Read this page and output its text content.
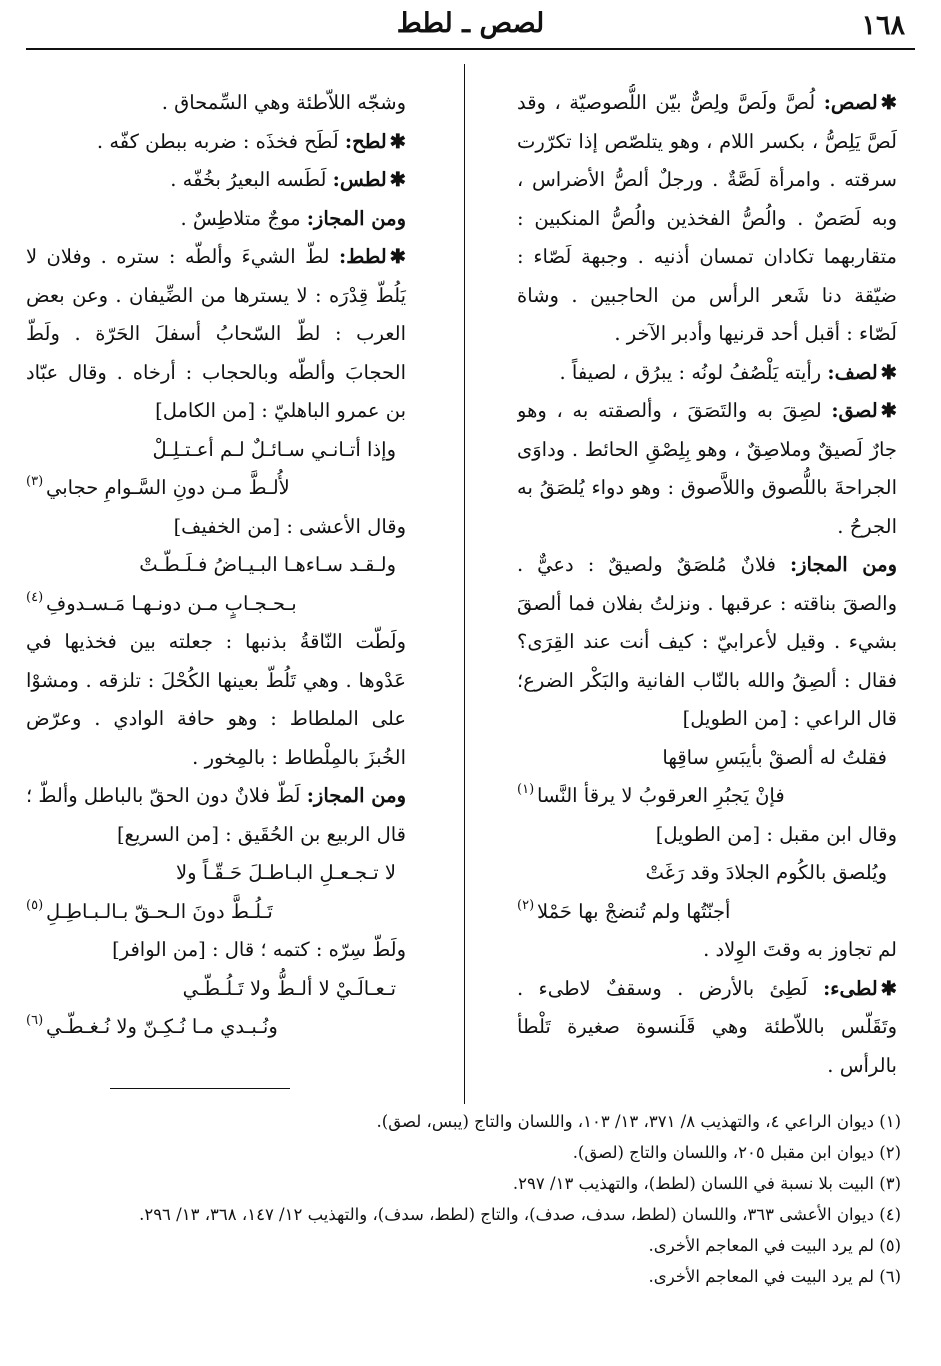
١٦٨
لصص ـ لطط

✱لصص: لُصَّ ولَصَّ ولِصٌّ بيّن اللُّصوصيّة ، وقد لَصَّ يَلِصُّ ، بكسر اللام ، وهو يتلصّص إذا تكرّرت سرقته . وامرأة لَصَّةٌ . ورجلٌ ألصُّ الأضراس ، وبه لَصَصٌ . والُصُّ الفخذين والُصُّ المنكبين : متقاربهما تكادان تمسان أذنيه . وجبهة لَصّاء : ضيّقة دنا شَعر الرأس من الحاجبين . وشاة لَصّاء : أقبل أحد قرنيها وأدبر الآخر .

✱لصف: رأيته يَلْصُفُ لونُه : يبرُق ، لصيفاً .

✱لصق: لصِقَ به والتَصَقَ ، وألصقته به ، وهو جارٌ لَصيقٌ وملاصِقٌ ، وهو بِلِصْقِ الحائط . وداوَى الجراحةَ باللُّصوق واللاَّصوق : وهو دواء يُلصَقُ به الجرحُ .

ومن المجاز: فلانٌ مُلصَقٌ ولصيقٌ : دعيٌّ . والصقَ بناقته : عرقبها . ونزلتُ بفلان فما ألصقَ بشيء . وقيل لأعرابيّ : كيف أنت عند القِرَى؟ فقال : ألصِقُ والله بالنّاب الفانية والبَكْر الضرع؛ قال الراعي : [من الطويل]

فقلتُ له ألصقْ بأيبَسِ ساقِها
فإنْ يَجبُرِ العرقوبُ لا يرقأ النَّسا
(١)

وقال ابن مقبل : [من الطويل]

ويُلصق بالكُوم الجلادَ وقد رَغَتْ
أجنّتُها ولم تُنضجْ بها حَمْلا
(٢)

لم تجاوز به وقتَ الوِلاد .

✱لطىء: لَطِئ بالأرض . وسقفٌ لاطىء . وتَقَلّس باللاّطئة وهي قَلَنسوة صغيرة تَلْطأ بالرأس .

وشجّه اللاّطئة وهي السِّمحاق .

✱لطح: لَطَح فخذَه : ضربه ببطن كفّه .

✱لطس: لَطَسه البعيرُ بخُفّه .

ومن المجاز: موجٌ متلاطِسٌ .

✱لطط: لطّ الشيءَ وألطّه : ستره . وفلان لا يَلُطّ قِدْرَه : لا يسترها من الضِّيفان . وعن بعض العرب : لطّ السّحابُ أسفلَ الحَرّة . ولَطّ الحجابَ وألطّه وبالحجاب : أرخاه . وقال عبّاد بن عمرو الباهليّ : [من الكامل]

وإذا أتـانـي سـائـلٌ لـم أعـتـلِـلْ
لأُلـطَّ مـن دونِ السَّـوامِ حجابي
(٣)

وقال الأعشى : [من الخفيف]

ولـقـد سـاءهـا البـيـاضُ فـلَـطّـتْ
بـحـجـابٍ مـن دونـهـا مَـسـدوفِ
(٤)

ولَطّت النّاقةُ بذنبها : جعلته بين فخذيها في عَدْوها . وهي تَلُطّ بعينها الكُحْلَ : تلزقه . ومشوْا على الملطاط : وهو حافة الوادي . وعرّض الخُبزَ بالمِلْطاط : بالمِخور .

ومن المجاز: لَطّ فلانٌ دون الحقّ بالباطل وألطّ ؛ قال الربيع بن الحُقَيق : [من السريع]

لا تـجـعـلِ البـاطـلَ حَـقّـاً ولا
تَـلُـطَّ دونَ الـحـقّ بـالـبـاطِـلِ
(٥)

ولَطّ سِرّه : كتمه ؛ قال : [من الوافر]

تـعـالَـيْ لا ألـطُّ ولا تَـلُـطّـي
ونُـبـدي مـا نُـكِـنّ ولا نُـغـطّـي
(٦)

(١) ديوان الراعي ٤، والتهذيب ٨/ ٣٧١، ١٣/ ١٠٣، واللسان والتاج (يبس، لصق).

(٢) ديوان ابن مقبل ٢٠٥، واللسان والتاج (لصق).

(٣) البيت بلا نسبة في اللسان (لطط)، والتهذيب ١٣/ ٢٩٧.

(٤) ديوان الأعشى ٣٦٣، واللسان (لطط، سدف، صدف)، والتاج (لطط، سدف)، والتهذيب ١٢/ ١٤٧، ٣٦٨، ١٣/ ٢٩٦.

(٥) لم يرد البيت في المعاجم الأخرى.

(٦) لم يرد البيت في المعاجم الأخرى.
